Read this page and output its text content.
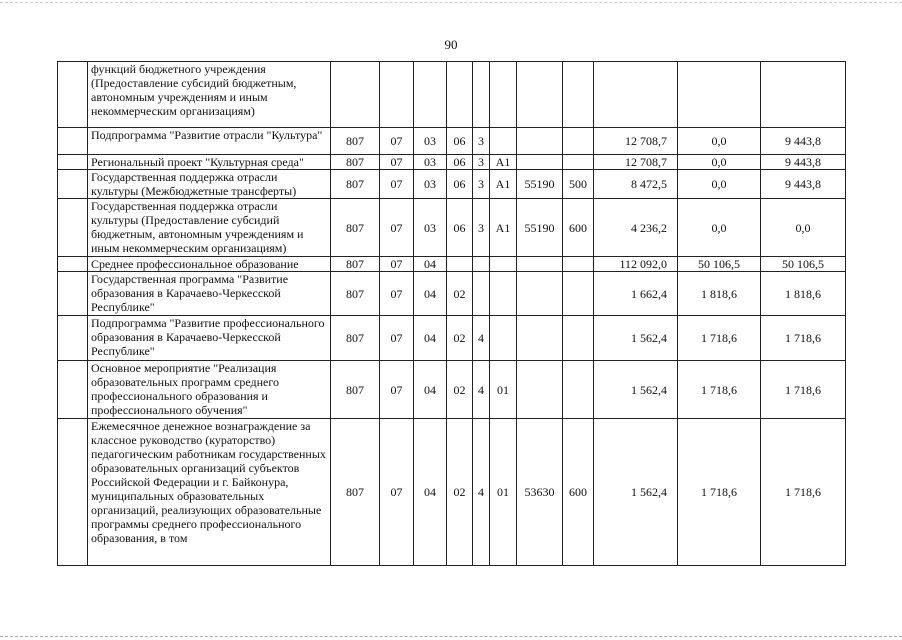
90
	функций бюджетного учреждения (Предоставление субсидий бюджетным, автономным учреждениям и иным некоммерческим организациям)											
	Подпрограмма "Развитие отрасли "Культура"	807	07	03	06	3				12 708,7	0,0	9 443,8
	Региональный проект "Культурная среда"	807	07	03	06	3	A1			12 708,7	0,0	9 443,8
	Государственная поддержка отрасли культуры (Межбюджетные трансферты)	807	07	03	06	3	A1	55190	500	8 472,5	0,0	9 443,8
	Государственная поддержка отрасли культуры (Предоставление субсидий бюджетным, автономным учреждениям и иным некоммерческим организациям)	807	07	03	06	3	A1	55190	600	4 236,2	0,0	0,0
	Среднее профессиональное образование	807	07	04						112 092,0	50 106,5	50 106,5
	Государственная программа "Развитие образования в Карачаево-Черкесской Республике"	807	07	04	02					1 662,4	1 818,6	1 818,6
	Подпрограмма "Развитие профессионального образования в Карачаево-Черкесской Республике"	807	07	04	02	4				1 562,4	1 718,6	1 718,6
	Основное мероприятие "Реализация образовательных программ среднего профессионального образования и профессионального обучения"	807	07	04	02	4	01			1 562,4	1 718,6	1 718,6
	Ежемесячное денежное вознаграждение за классное руководство (кураторство) педагогическим работникам государственных образовательных организаций субъектов Российской Федерации и г. Байконура, муниципальных образовательных организаций, реализующих образовательные программы среднего профессионального образования, в том	807	07	04	02	4	01	53630	600	1 562,4	1 718,6	1 718,6
